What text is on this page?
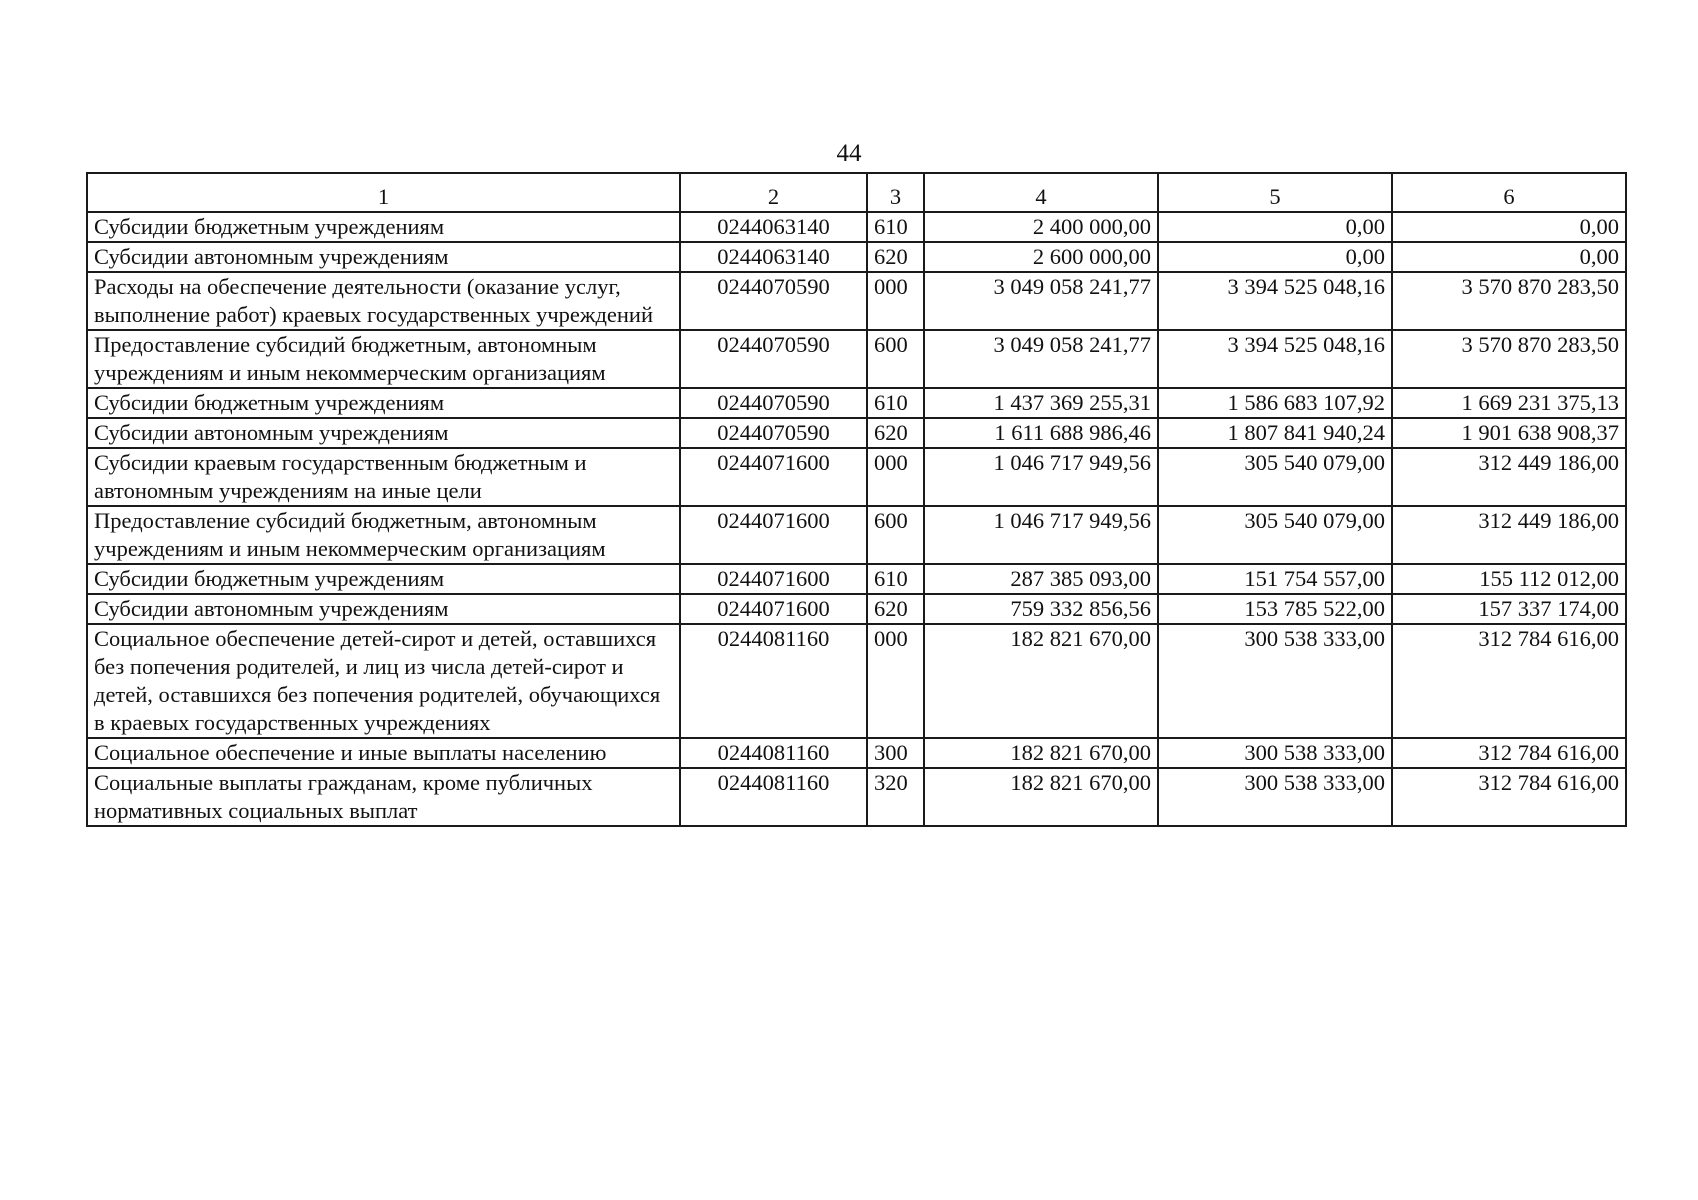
44
1	2	3	4	5	6
Субсидии бюджетным учреждениям	0244063140	610	2 400 000,00	0,00	0,00
Субсидии автономным учреждениям	0244063140	620	2 600 000,00	0,00	0,00
Расходы на обеспечение деятельности (оказание услуг, выполнение работ) краевых государственных учреждений	0244070590	000	3 049 058 241,77	3 394 525 048,16	3 570 870 283,50
Предоставление субсидий бюджетным, автономным учреждениям и иным некоммерческим организациям	0244070590	600	3 049 058 241,77	3 394 525 048,16	3 570 870 283,50
Субсидии бюджетным учреждениям	0244070590	610	1 437 369 255,31	1 586 683 107,92	1 669 231 375,13
Субсидии автономным учреждениям	0244070590	620	1 611 688 986,46	1 807 841 940,24	1 901 638 908,37
Субсидии краевым государственным бюджетным и автономным учреждениям на иные цели	0244071600	000	1 046 717 949,56	305 540 079,00	312 449 186,00
Предоставление субсидий бюджетным, автономным учреждениям и иным некоммерческим организациям	0244071600	600	1 046 717 949,56	305 540 079,00	312 449 186,00
Субсидии бюджетным учреждениям	0244071600	610	287 385 093,00	151 754 557,00	155 112 012,00
Субсидии автономным учреждениям	0244071600	620	759 332 856,56	153 785 522,00	157 337 174,00
Социальное обеспечение детей-сирот и детей, оставшихся без попечения родителей, и лиц из числа детей-сирот и детей, оставшихся без попечения родителей, обучающихся в краевых государственных учреждениях	0244081160	000	182 821 670,00	300 538 333,00	312 784 616,00
Социальное обеспечение и иные выплаты населению	0244081160	300	182 821 670,00	300 538 333,00	312 784 616,00
Социальные выплаты гражданам, кроме публичных нормативных социальных выплат	0244081160	320	182 821 670,00	300 538 333,00	312 784 616,00
